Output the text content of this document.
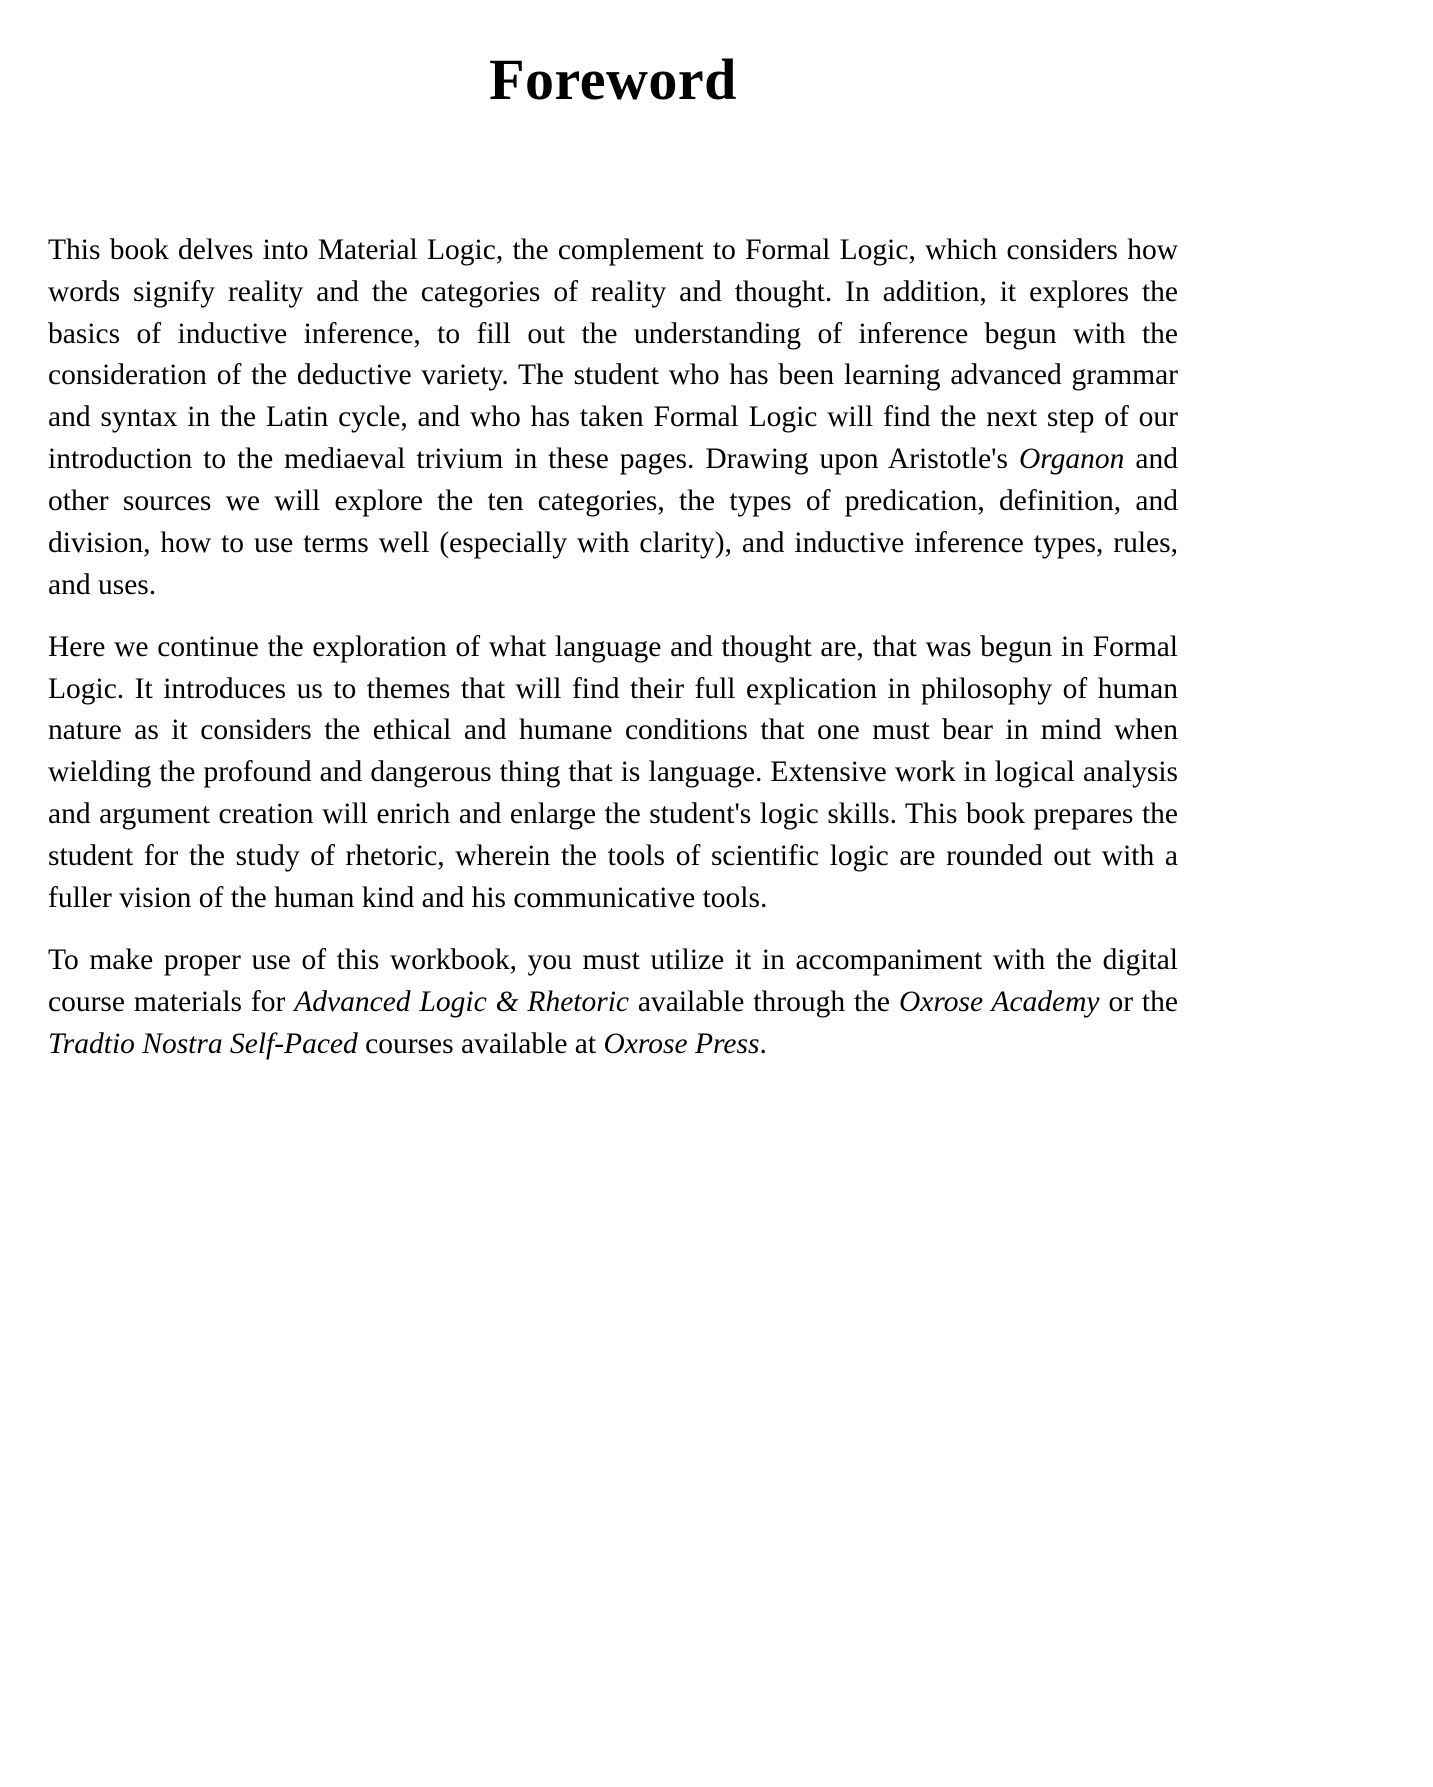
Foreword

This book delves into Material Logic, the complement to Formal Logic, which considers how words signify reality and the categories of reality and thought. In addition, it explores the basics of inductive inference, to fill out the understanding of inference begun with the consideration of the deductive variety. The student who has been learning advanced grammar and syntax in the Latin cycle, and who has taken Formal Logic will find the next step of our introduction to the mediaeval trivium in these pages. Drawing upon Aristotle's Organon and other sources we will explore the ten categories, the types of predication, definition, and division, how to use terms well (especially with clarity), and inductive inference types, rules, and uses.

Here we continue the exploration of what language and thought are, that was begun in Formal Logic. It introduces us to themes that will find their full explication in philosophy of human nature as it considers the ethical and humane conditions that one must bear in mind when wielding the profound and dangerous thing that is language. Extensive work in logical analysis and argument creation will enrich and enlarge the student's logic skills. This book prepares the student for the study of rhetoric, wherein the tools of scientific logic are rounded out with a fuller vision of the human kind and his communicative tools.

To make proper use of this workbook, you must utilize it in accompaniment with the digital course materials for Advanced Logic & Rhetoric available through the Oxrose Academy or the Tradtio Nostra Self-Paced courses available at Oxrose Press.
